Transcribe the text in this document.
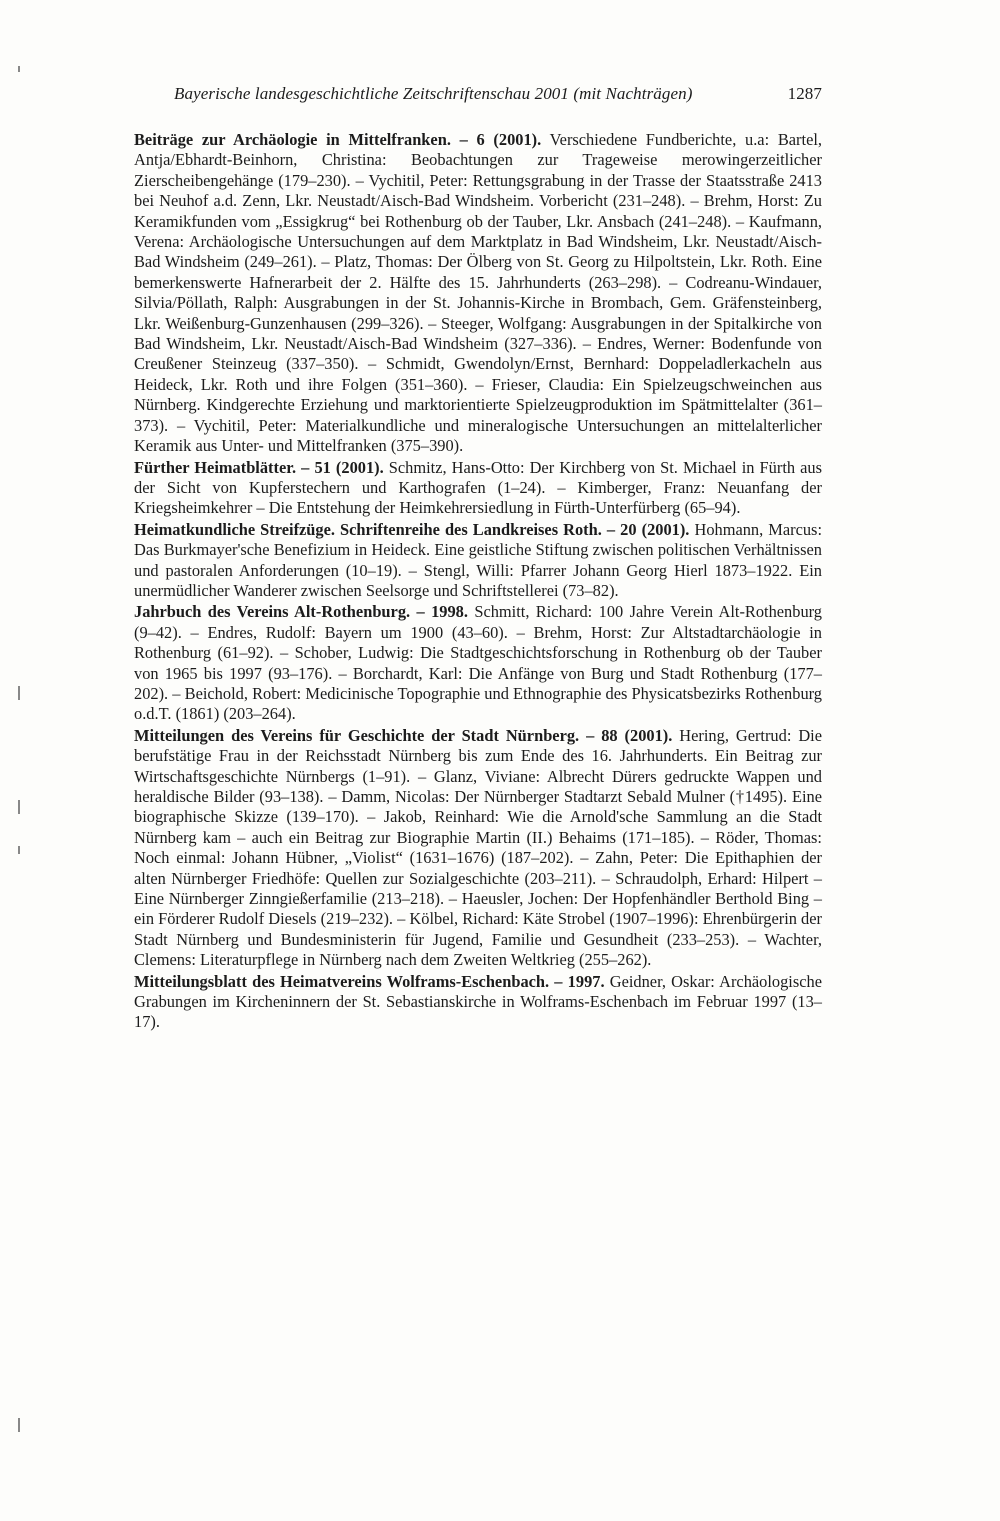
Bayerische landesgeschichtliche Zeitschriftenschau 2001 (mit Nachträgen)	1287

Beiträge zur Archäologie in Mittelfranken. – 6 (2001). Verschiedene Fundberichte, u.a: Bartel, Antja/Ebhardt-Beinhorn, Christina: Beobachtungen zur Trageweise merowingerzeitlicher Zierscheibengehänge (179–230). – Vychitil, Peter: Rettungsgrabung in der Trasse der Staatsstraße 2413 bei Neuhof a.d. Zenn, Lkr. Neustadt/Aisch-Bad Windsheim. Vorbericht (231–248). – Brehm, Horst: Zu Keramikfunden vom „Essigkrug“ bei Rothenburg ob der Tauber, Lkr. Ansbach (241–248). – Kaufmann, Verena: Archäologische Untersuchungen auf dem Marktplatz in Bad Windsheim, Lkr. Neustadt/Aisch-Bad Windsheim (249–261). – Platz, Thomas: Der Ölberg von St. Georg zu Hilpoltstein, Lkr. Roth. Eine bemerkenswerte Hafnerarbeit der 2. Hälfte des 15. Jahrhunderts (263–298). – Codreanu-Windauer, Silvia/Pöllath, Ralph: Ausgrabungen in der St. Johannis-Kirche in Brombach, Gem. Gräfensteinberg, Lkr. Weißenburg-Gunzenhausen (299–326). – Steeger, Wolfgang: Ausgrabungen in der Spitalkirche von Bad Windsheim, Lkr. Neustadt/Aisch-Bad Windsheim (327–336). – Endres, Werner: Bodenfunde von Creußener Steinzeug (337–350). – Schmidt, Gwendolyn/Ernst, Bernhard: Doppeladlerkacheln aus Heideck, Lkr. Roth und ihre Folgen (351–360). – Frieser, Claudia: Ein Spielzeugschweinchen aus Nürnberg. Kindgerechte Erziehung und marktorientierte Spielzeugproduktion im Spätmittelalter (361–373). – Vychitil, Peter: Materialkundliche und mineralogische Untersuchungen an mittelalterlicher Keramik aus Unter- und Mittelfranken (375–390).

Fürther Heimatblätter. – 51 (2001). Schmitz, Hans-Otto: Der Kirchberg von St. Michael in Fürth aus der Sicht von Kupferstechern und Karthografen (1–24). – Kimberger, Franz: Neuanfang der Kriegsheimkehrer – Die Entstehung der Heimkehrersiedlung in Fürth-Unterfürberg (65–94).

Heimatkundliche Streifzüge. Schriftenreihe des Landkreises Roth. – 20 (2001). Hohmann, Marcus: Das Burkmayer'sche Benefizium in Heideck. Eine geistliche Stiftung zwischen politischen Verhältnissen und pastoralen Anforderungen (10–19). – Stengl, Willi: Pfarrer Johann Georg Hierl 1873–1922. Ein unermüdlicher Wanderer zwischen Seelsorge und Schriftstellerei (73–82).

Jahrbuch des Vereins Alt-Rothenburg. – 1998. Schmitt, Richard: 100 Jahre Verein Alt-Rothenburg (9–42). – Endres, Rudolf: Bayern um 1900 (43–60). – Brehm, Horst: Zur Altstadtarchäologie in Rothenburg (61–92). – Schober, Ludwig: Die Stadtgeschichtsforschung in Rothenburg ob der Tauber von 1965 bis 1997 (93–176). – Borchardt, Karl: Die Anfänge von Burg und Stadt Rothenburg (177–202). – Beichold, Robert: Medicinische Topographie und Ethnographie des Physicatsbezirks Rothenburg o.d.T. (1861) (203–264).

Mitteilungen des Vereins für Geschichte der Stadt Nürnberg. – 88 (2001). Hering, Gertrud: Die berufstätige Frau in der Reichsstadt Nürnberg bis zum Ende des 16. Jahrhunderts. Ein Beitrag zur Wirtschaftsgeschichte Nürnbergs (1–91). – Glanz, Viviane: Albrecht Dürers gedruckte Wappen und heraldische Bilder (93–138). – Damm, Nicolas: Der Nürnberger Stadtarzt Sebald Mulner (†1495). Eine biographische Skizze (139–170). – Jakob, Reinhard: Wie die Arnold'sche Sammlung an die Stadt Nürnberg kam – auch ein Beitrag zur Biographie Martin (II.) Behaims (171–185). – Röder, Thomas: Noch einmal: Johann Hübner, „Violist“ (1631–1676) (187–202). – Zahn, Peter: Die Epithaphien der alten Nürnberger Friedhöfe: Quellen zur Sozialgeschichte (203–211). – Schraudolph, Erhard: Hilpert – Eine Nürnberger Zinngießerfamilie (213–218). – Haeusler, Jochen: Der Hopfenhändler Berthold Bing – ein Förderer Rudolf Diesels (219–232). – Kölbel, Richard: Käte Strobel (1907–1996): Ehrenbürgerin der Stadt Nürnberg und Bundesministerin für Jugend, Familie und Gesundheit (233–253). – Wachter, Clemens: Literaturpflege in Nürnberg nach dem Zweiten Weltkrieg (255–262).

Mitteilungsblatt des Heimatvereins Wolframs-Eschenbach. – 1997. Geidner, Oskar: Archäologische Grabungen im Kircheninnern der St. Sebastianskirche in Wolframs-Eschenbach im Februar 1997 (13–17).
